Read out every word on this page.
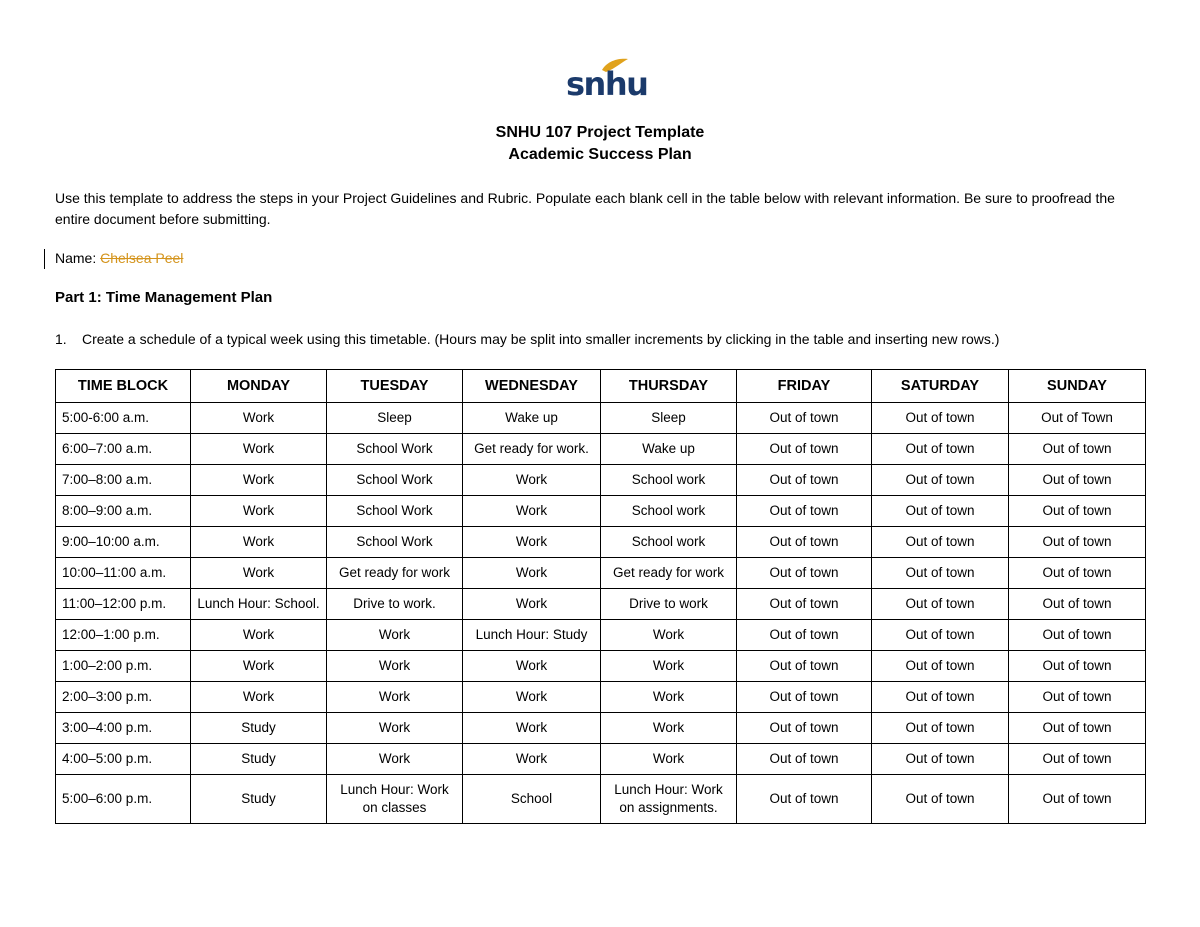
snhu
SNHU 107 Project Template
Academic Success Plan
Use this template to address the steps in your Project Guidelines and Rubric. Populate each blank cell in the table below with relevant information. Be sure to proofread the entire document before submitting.
Name: Chelsea Peel
Part 1: Time Management Plan
1. Create a schedule of a typical week using this timetable. (Hours may be split into smaller increments by clicking in the table and inserting new rows.)
TIME BLOCK	MONDAY	TUESDAY	WEDNESDAY	THURSDAY	FRIDAY	SATURDAY	SUNDAY
5:00-6:00 a.m.	Work	Sleep	Wake up	Sleep	Out of town	Out of town	Out of Town
6:00–7:00 a.m.	Work	School Work	Get ready for work.	Wake up	Out of town	Out of town	Out of town
7:00–8:00 a.m.	Work	School Work	Work	School work	Out of town	Out of town	Out of town
8:00–9:00 a.m.	Work	School Work	Work	School work	Out of town	Out of town	Out of town
9:00–10:00 a.m.	Work	School Work	Work	School work	Out of town	Out of town	Out of town
10:00–11:00 a.m.	Work	Get ready for work	Work	Get ready for work	Out of town	Out of town	Out of town
11:00–12:00 p.m.	Lunch Hour: School.	Drive to work.	Work	Drive to work	Out of town	Out of town	Out of town
12:00–1:00 p.m.	Work	Work	Lunch Hour: Study	Work	Out of town	Out of town	Out of town
1:00–2:00 p.m.	Work	Work	Work	Work	Out of town	Out of town	Out of town
2:00–3:00 p.m.	Work	Work	Work	Work	Out of town	Out of town	Out of town
3:00–4:00 p.m.	Study	Work	Work	Work	Out of town	Out of town	Out of town
4:00–5:00 p.m.	Study	Work	Work	Work	Out of town	Out of town	Out of town
5:00–6:00 p.m.	Study	Lunch Hour: Work on classes	School	Lunch Hour: Work on assignments.	Out of town	Out of town	Out of town
